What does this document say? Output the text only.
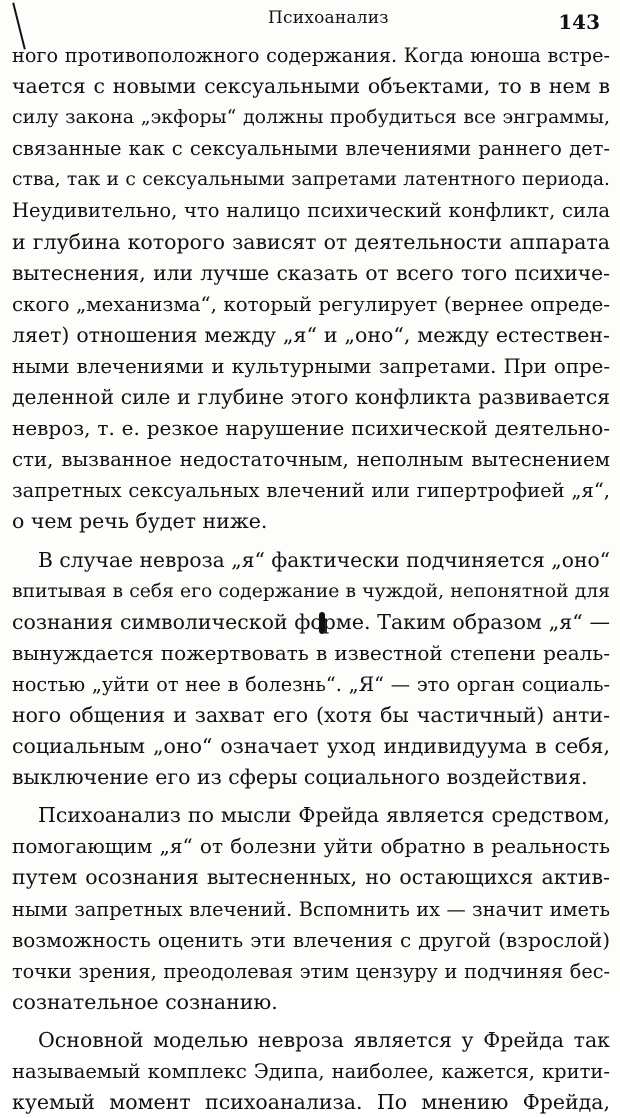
Психоанализ	143
ного противоположного содержания. Когда юноша встре-
чается с новыми сексуальными объектами, то в нем в
силу закона „экфоры“ должны пробудиться все энграммы,
связанные как с сексуальными влечениями раннего дет-
ства, так и с сексуальными запретами латентного периода.
Неудивительно, что налицо психический конфликт, сила
и глубина которого зависят от деятельности аппарата
вытеснения, или лучше сказать от всего того психиче-
ского „механизма“, который регулирует (вернее опреде-
ляет) отношения между „я“ и „оно“, между естествен-
ными влечениями и культурными запретами. При опре-
деленной силе и глубине этого конфликта развивается
невроз, т. е. резкое нарушение психической деятельно-
сти, вызванное недостаточным, неполным вытеснением
запретных сексуальных влечений или гипертрофией „я“,
о чем речь будет ниже.
В случае невроза „я“ фактически подчиняется „оно“
впитывая в себя его содержание в чуждой, непонятной для
сознания символической форме. Таким образом „я“ —
вынуждается пожертвовать в известной степени реаль-
ностью „уйти от нее в болезнь“. „Я“ — это орган социаль-
ного общения и захват его (хотя бы частичный) анти-
социальным „оно“ означает уход индивидуума в себя,
выключение его из сферы социального воздействия.
Психоанализ по мысли Фрейда является средством,
помогающим „я“ от болезни уйти обратно в реальность
путем осознания вытесненных, но остающихся актив-
ными запретных влечений. Вспомнить их — значит иметь
возможность оценить эти влечения с другой (взрослой)
точки зрения, преодолевая этим цензуру и подчиняя бес-
сознательное сознанию.
Основной моделью невроза является у Фрейда так
называемый комплекс Эдипа, наиболее, кажется, крити-
куемый момент психоанализа. По мнению Фрейда,
